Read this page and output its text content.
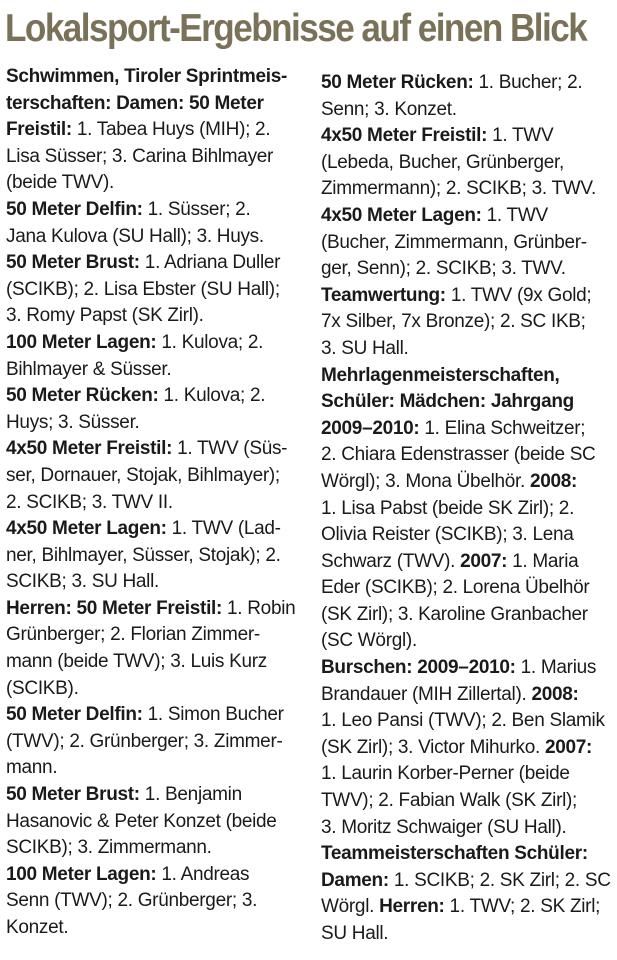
Lokalsport-Ergebnisse auf einen Blick
Schwimmen, Tiroler Sprintmeis-
terschaften: Damen: 50 Meter
Freistil: 1. Tabea Huys (MIH); 2.
Lisa Süsser; 3. Carina Bihlmayer
(beide TWV).
50 Meter Delfin: 1. Süsser; 2.
Jana Kulova (SU Hall); 3. Huys.
50 Meter Brust: 1. Adriana Duller
(SCIKB); 2. Lisa Ebster (SU Hall);
3. Romy Papst (SK Zirl).
100 Meter Lagen: 1. Kulova; 2.
Bihlmayer & Süsser.
50 Meter Rücken: 1. Kulova; 2.
Huys; 3. Süsser.
4x50 Meter Freistil: 1. TWV (Süs-
ser, Dornauer, Stojak, Bihlmayer);
2. SCIKB; 3. TWV II.
4x50 Meter Lagen: 1. TWV (Lad-
ner, Bihlmayer, Süsser, Stojak); 2.
SCIKB; 3. SU Hall.
Herren: 50 Meter Freistil: 1. Robin
Grünberger; 2. Florian Zimmer-
mann (beide TWV); 3. Luis Kurz
(SCIKB).
50 Meter Delfin: 1. Simon Bucher
(TWV); 2. Grünberger; 3. Zimmer-
mann.
50 Meter Brust: 1. Benjamin
Hasanovic & Peter Konzet (beide
SCIKB); 3. Zimmermann.
100 Meter Lagen: 1. Andreas
Senn (TWV); 2. Grünberger; 3.
Konzet.
50 Meter Rücken: 1. Bucher; 2.
Senn; 3. Konzet.
4x50 Meter Freistil: 1. TWV
(Lebeda, Bucher, Grünberger,
Zimmermann); 2. SCIKB; 3. TWV.
4x50 Meter Lagen: 1. TWV
(Bucher, Zimmermann, Grünber-
ger, Senn); 2. SCIKB; 3. TWV.
Teamwertung: 1. TWV (9x Gold;
7x Silber, 7x Bronze); 2. SC IKB;
3. SU Hall.
Mehrlagenmeisterschaften,
Schüler: Mädchen: Jahrgang
2009–2010: 1. Elina Schweitzer;
2. Chiara Edenstrasser (beide SC
Wörgl); 3. Mona Übelhör. 2008:
1. Lisa Pabst (beide SK Zirl); 2.
Olivia Reister (SCIKB); 3. Lena
Schwarz (TWV). 2007: 1. Maria
Eder (SCIKB); 2. Lorena Übelhör
(SK Zirl); 3. Karoline Granbacher
(SC Wörgl).
Burschen: 2009–2010: 1. Marius
Brandauer (MIH Zillertal). 2008:
1. Leo Pansi (TWV); 2. Ben Slamik
(SK Zirl); 3. Victor Mihurko. 2007:
1. Laurin Korber-Perner (beide
TWV); 2. Fabian Walk (SK Zirl);
3. Moritz Schwaiger (SU Hall).
Teammeisterschaften Schüler:
Damen: 1. SCIKB; 2. SK Zirl; 2. SC
Wörgl. Herren: 1. TWV; 2. SK Zirl;
SU Hall.
